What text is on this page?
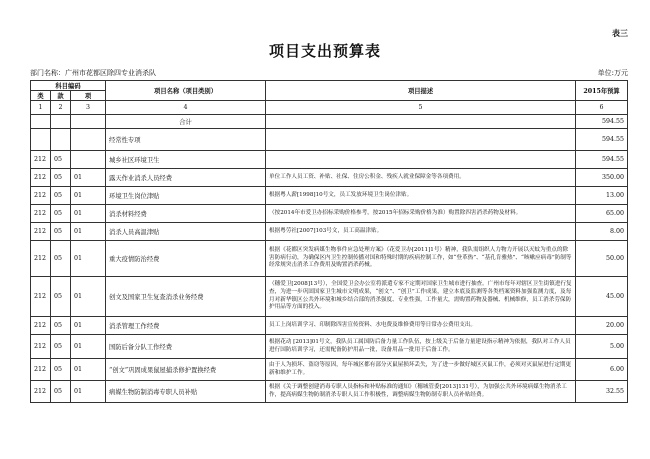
表三
项目支出预算表
部门名称：广州市花都区除四专业消杀队	单位:万元
科目编码			项目名称（项目类别）	项目描述	2015年预算
类	款	项			
1	2	3	4	5	6
			合计		594.55
			经常性专项		594.55
212	05		城乡社区环境卫生		594.55
212	05	01	露天作业消杀人员经费	单位工作人员工资、补贴、社保、住房公积金、残疾人就业保障金等各项费用。	350.00
212	05	01	环境卫生岗位津贴	根据粤人薪[1998]10号文，员工发放环境卫生岗位津贴。	13.00
212	05	01	消杀材料经费	（按2014年市爱卫办招标采购价格参考，按2015年招标采购价格为准）购置除四害消杀药物及材料。	65.00
212	05	01	消杀人员高温津贴	根据粤劳社[2007]103号文，员工高温津贴。	8.00
212	05	01	重大疫情防治经费	根据《花都区突发病媒生物事件应急处理方案》（花爱卫办[2011]1号）精神，我队需组织人力物力开展以灭蚊为重点的除害防病行动，为确保区内卫生控制传播对国和特殊时期的疾病控制工作，如“登革热”、“基孔肯雅热”、“咳嗽应病毒”防制等经常规突击消杀工作费用及购置消杀药械。	50.00
212	05	01	创文及国家卫生复查消杀业务经费	（穗爱卫[2008]13号），全国爱卫会办公室将派遣专家不定期对国家卫生城市进行抽查。广州市每年对辖区卫生街镇进行复查，为进一步巩固国家卫生城市文明成果，“创文”、“创卫”工作成果，建立本底及监测等各类档案资料加强监测力度，及每月对新华镇区公共外环境和城乡结合部的消杀强度、专业性强，工作量大，需购置药物及器械、机械维修，员工消杀劳保防护用品等方面的投入。	45.00
212	05	01	消杀管理工作经费	员工上岗培训学习、印制除四害宣传资料、水电费及维修费用等日常办公费用支出。	20.00
212	05	01	国防后备分队工作经费	根据花动 [2013]01号文，我队员工属国防后备力量工作队伍，按上级关于后备力量建设指示精神为依据，我队对工作人员进行国防培训学习，还需配备防护用品一批，设备用品一批用于后备工作。	5.00
212	05	01	“创文”巩固成果鼠屋捕杀修护置换经费	由于人为损坏、盗窃等原因，每年城区都有部分灭鼠屋损坏丢失，为了进一步做好城区灭鼠工作，必须对灭鼠屋进行定期更新和维护工作。	6.00
212	05	01	病媒生物防制消毒专职人员补贴	根据《关于调整创建消毒专职人员指标和补贴标准的通知》（穗城管委[2013]131号），为加强公共外环境病媒生物消杀工作，提高病媒生物防制消杀专职人员工作积极性，调整病媒生物防制专职人员补贴经费。	32.55
